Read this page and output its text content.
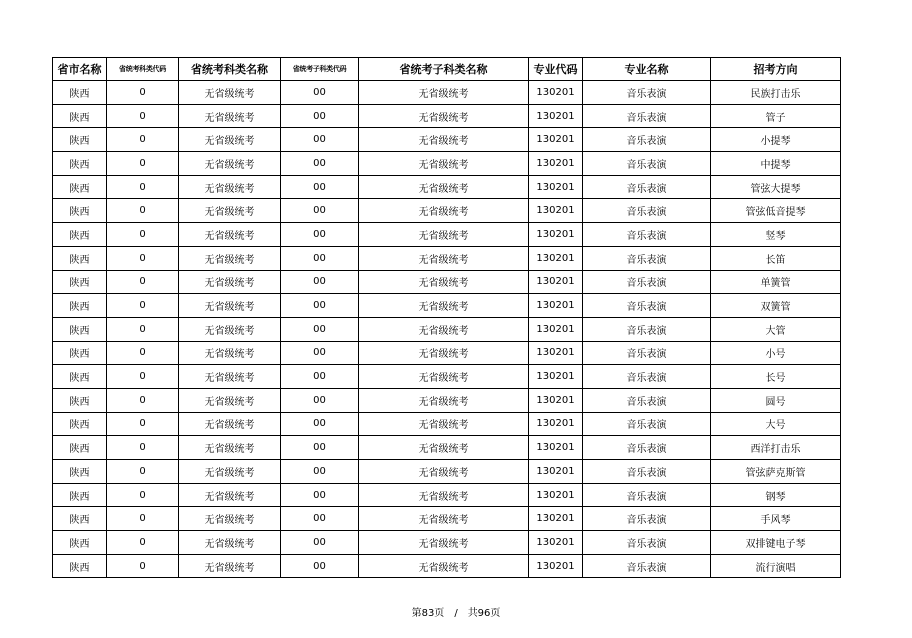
省市名称	省统考科类代码	省统考科类名称	省统考子科类代码	省统考子科类名称	专业代码	专业名称	招考方向
陕西	0	无省级统考	00	无省级统考	130201	音乐表演	民族打击乐
陕西	0	无省级统考	00	无省级统考	130201	音乐表演	管子
陕西	0	无省级统考	00	无省级统考	130201	音乐表演	小提琴
陕西	0	无省级统考	00	无省级统考	130201	音乐表演	中提琴
陕西	0	无省级统考	00	无省级统考	130201	音乐表演	管弦大提琴
陕西	0	无省级统考	00	无省级统考	130201	音乐表演	管弦低音提琴
陕西	0	无省级统考	00	无省级统考	130201	音乐表演	竖琴
陕西	0	无省级统考	00	无省级统考	130201	音乐表演	长笛
陕西	0	无省级统考	00	无省级统考	130201	音乐表演	单簧管
陕西	0	无省级统考	00	无省级统考	130201	音乐表演	双簧管
陕西	0	无省级统考	00	无省级统考	130201	音乐表演	大管
陕西	0	无省级统考	00	无省级统考	130201	音乐表演	小号
陕西	0	无省级统考	00	无省级统考	130201	音乐表演	长号
陕西	0	无省级统考	00	无省级统考	130201	音乐表演	圆号
陕西	0	无省级统考	00	无省级统考	130201	音乐表演	大号
陕西	0	无省级统考	00	无省级统考	130201	音乐表演	西洋打击乐
陕西	0	无省级统考	00	无省级统考	130201	音乐表演	管弦萨克斯管
陕西	0	无省级统考	00	无省级统考	130201	音乐表演	钢琴
陕西	0	无省级统考	00	无省级统考	130201	音乐表演	手风琴
陕西	0	无省级统考	00	无省级统考	130201	音乐表演	双排键电子琴
陕西	0	无省级统考	00	无省级统考	130201	音乐表演	流行演唱
第83页 / 共96页
